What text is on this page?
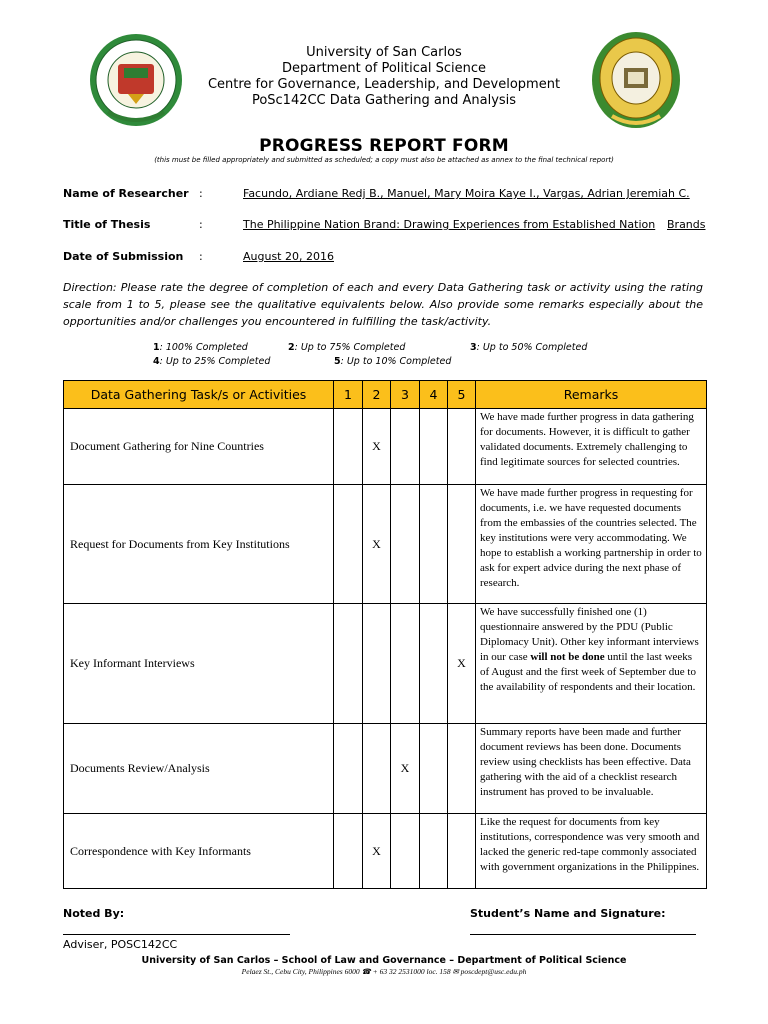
University of San Carlos
Department of Political Science
Centre for Governance, Leadership, and Development
PoSc142CC Data Gathering and Analysis
PROGRESS REPORT FORM
(this must be filled appropriately and submitted as scheduled; a copy must also be attached as annex to the final technical report)
Name of Researcher :	Facundo, Ardiane Redj B., Manuel, Mary Moira Kaye I., Vargas, Adrian Jeremiah C.
Title of Thesis	:	The Philippine Nation Brand: Drawing Experiences from Established Nation Brands
Date of Submission :	August 20, 2016
Direction: Please rate the degree of completion of each and every Data Gathering task or activity using the rating scale from 1 to 5, please see the qualitative equivalents below. Also provide some remarks especially about the opportunities and/or challenges you encountered in fulfilling the task/activity.
1: 100% Completed	2: Up to 75% Completed	3: Up to 50% Completed
4: Up to 25% Completed	5: Up to 10% Completed
Data Gathering Task/s or Activities	1	2	3	4	5	Remarks
Document Gathering for Nine Countries		X				We have made further progress in data gathering for documents. However, it is difficult to gather validated documents. Extremely challenging to find legitimate sources for selected countries.
Request for Documents from Key Institutions		X				We have made further progress in requesting for documents, i.e. we have requested documents from the embassies of the countries selected. The key institutions were very accommodating. We hope to establish a working partnership in order to ask for expert advice during the next phase of research.
Key Informant Interviews					X	We have successfully finished one (1) questionnaire answered by the PDU (Public Diplomacy Unit). Other key informant interviews in our case will not be done until the last weeks of August and the first week of September due to the availability of respondents and their location.
Documents Review/Analysis			X			Summary reports have been made and further document reviews has been done. Documents review using checklists has been effective. Data gathering with the aid of a checklist research instrument has proved to be invaluable.
Correspondence with Key Informants		X				Like the request for documents from key institutions, correspondence was very smooth and lacked the generic red-tape commonly associated with government organizations in the Philippines.
Noted By:	Student’s Name and Signature:
Adviser, POSC142CC
University of San Carlos – School of Law and Governance – Department of Political Science
Pelaez St., Cebu City, Philippines 6000 ☎ + 63 32 2531000 loc. 158 ✉ poscdept@usc.edu.ph
